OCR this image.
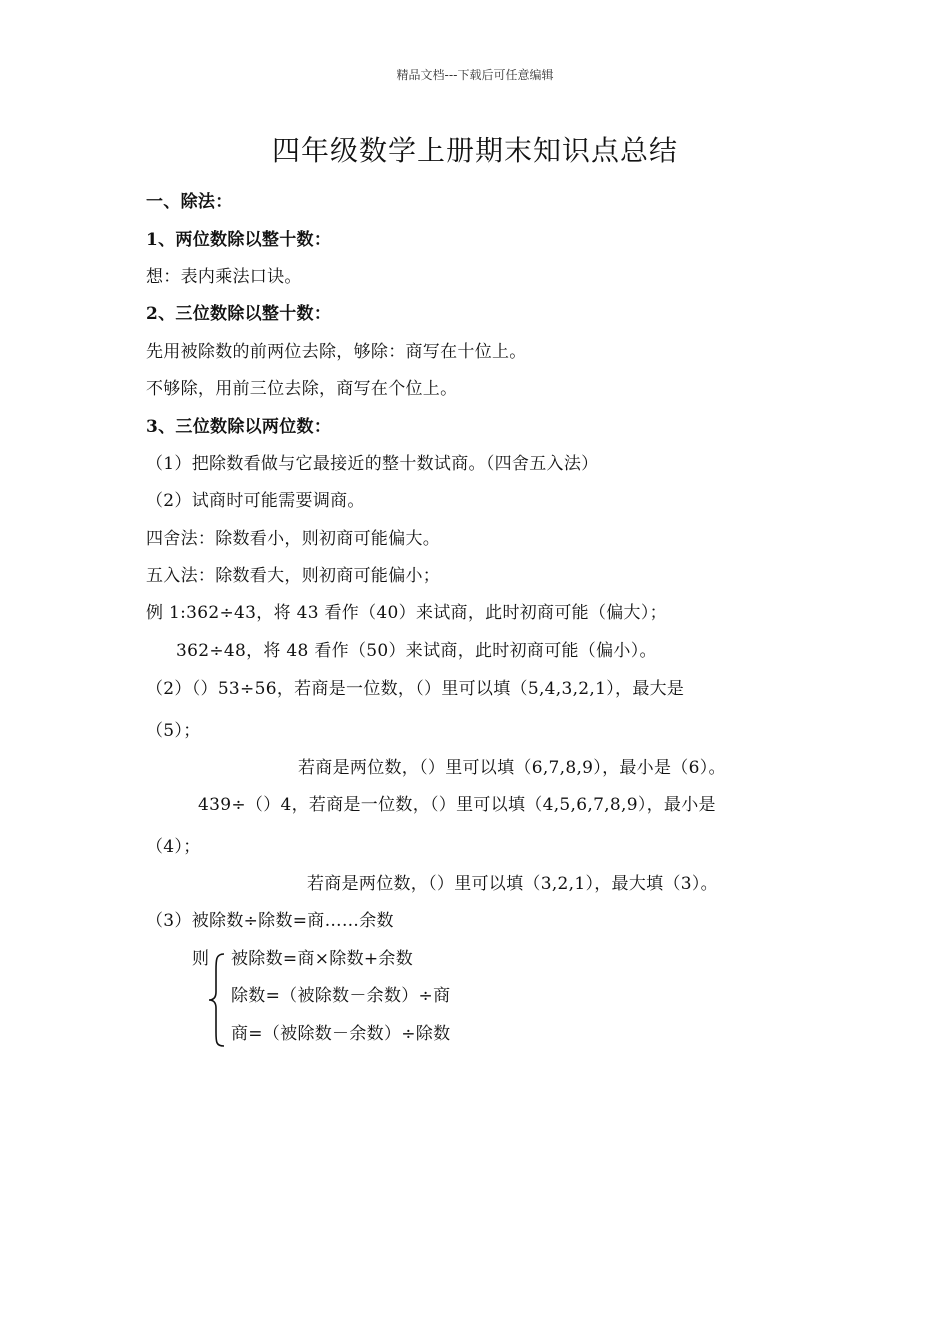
精品文档---下载后可任意编辑
四年级数学上册期末知识点总结
一、除法：
1、两位数除以整十数：
想：表内乘法口诀。
2、三位数除以整十数：
先用被除数的前两位去除，够除：商写在十位上。
不够除，用前三位去除，商写在个位上。
3、三位数除以两位数：
（1）把除数看做与它最接近的整十数试商。（四舍五入法）
（2）试商时可能需要调商。
四舍法：除数看小，则初商可能偏大。
五入法：除数看大，则初商可能偏小；
例 1:362÷43，将 43 看作（40）来试商，此时初商可能（偏大）；
362÷48，将 48 看作（50）来试商，此时初商可能（偏小）。
（2）（）53÷56，若商是一位数，（）里可以填（5,4,3,2,1），最大是
（5）；
若商是两位数，（）里可以填（6,7,8,9），最小是（6）。
439÷（）4，若商是一位数，（）里可以填（4,5,6,7,8,9），最小是
（4）；
若商是两位数，（）里可以填（3,2,1），最大填（3）。
（3）被除数÷除数=商……余数
则 被除数=商×除数+余数
除数=（被除数－余数）÷商
商=（被除数－余数）÷除数
